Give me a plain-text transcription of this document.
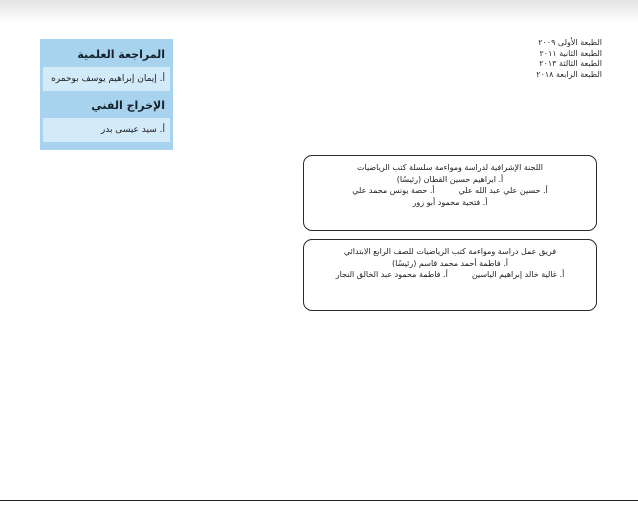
المراجعة العلمية
أ. إيمان إبراهيم يوسف بوحمره
الإخراج الفني
أ. سيد عيسى بدر
الطبعة الأولى ٢٠٠٩
الطبعة الثانية ٢٠١١
الطبعة الثالثة ٢٠١٣
الطبعة الرابعة ٢٠١٨
اللجنة الإشرافية لدراسة ومواءمة سلسلة كتب الرياضيات
أ. ابراهيم حسين القطان (رئيسًا)
أ. حسين علي عبد الله علي
أ. حصة يونس محمد علي
أ. فتحية محمود أبو زور
فريق عمل دراسة ومواءمة كتب الرياضيات للصف الرابع الابتدائي
أ. فاطمة أحمد محمد قاسم (رئيسًا)
أ. غالية خالد إبراهيم الياسين
أ. فاطمة محمود عبد الخالق النجار
